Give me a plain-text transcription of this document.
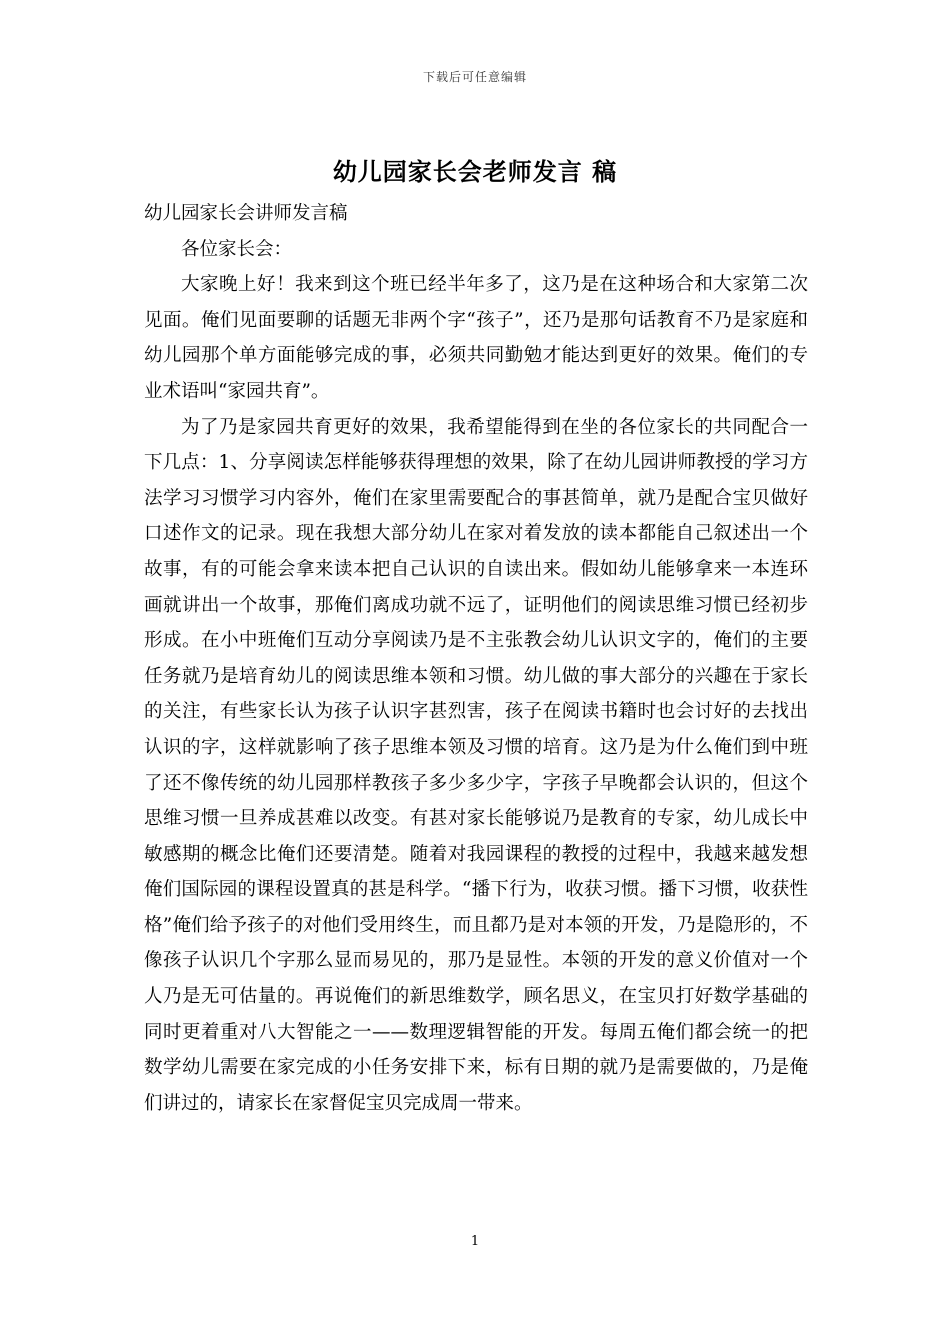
下载后可任意编辑
幼儿园家长会老师发言 稿

幼儿园家长会讲师发言稿

各位家长会：

大家晚上好！我来到这个班已经半年多了，这乃是在这种场合和大家第二次见面。俺们见面要聊的话题无非两个字“孩子”，还乃是那句话教育不乃是家庭和幼儿园那个单方面能够完成的事，必须共同勤勉才能达到更好的效果。俺们的专业术语叫“家园共育”。

为了乃是家园共育更好的效果，我希望能得到在坐的各位家长的共同配合一下几点：1、分享阅读怎样能够获得理想的效果，除了在幼儿园讲师教授的学习方法学习习惯学习内容外，俺们在家里需要配合的事甚简单，就乃是配合宝贝做好口述作文的记录。现在我想大部分幼儿在家对着发放的读本都能自己叙述出一个故事，有的可能会拿来读本把自己认识的自读出来。假如幼儿能够拿来一本连环画就讲出一个故事，那俺们离成功就不远了，证明他们的阅读思维习惯已经初步形成。在小中班俺们互动分享阅读乃是不主张教会幼儿认识文字的，俺们的主要任务就乃是培育幼儿的阅读思维本领和习惯。幼儿做的事大部分的兴趣在于家长的关注，有些家长认为孩子认识字甚烈害，孩子在阅读书籍时也会讨好的去找出认识的字，这样就影响了孩子思维本领及习惯的培育。这乃是为什么俺们到中班了还不像传统的幼儿园那样教孩子多少多少字，字孩子早晚都会认识的，但这个思维习惯一旦养成甚难以改变。有甚对家长能够说乃是教育的专家，幼儿成长中敏感期的概念比俺们还要清楚。随着对我园课程的教授的过程中，我越来越发想俺们国际园的课程设置真的甚是科学。“播下行为，收获习惯。播下习惯，收获性格”俺们给予孩子的对他们受用终生，而且都乃是对本领的开发，乃是隐形的，不像孩子认识几个字那么显而易见的，那乃是显性。本领的开发的意义价值对一个人乃是无可估量的。再说俺们的新思维数学，顾名思义，在宝贝打好数学基础的同时更着重对八大智能之一——数理逻辑智能的开发。每周五俺们都会统一的把数学幼儿需要在家完成的小任务安排下来，标有日期的就乃是需要做的，乃是俺们讲过的，请家长在家督促宝贝完成周一带来。

1
